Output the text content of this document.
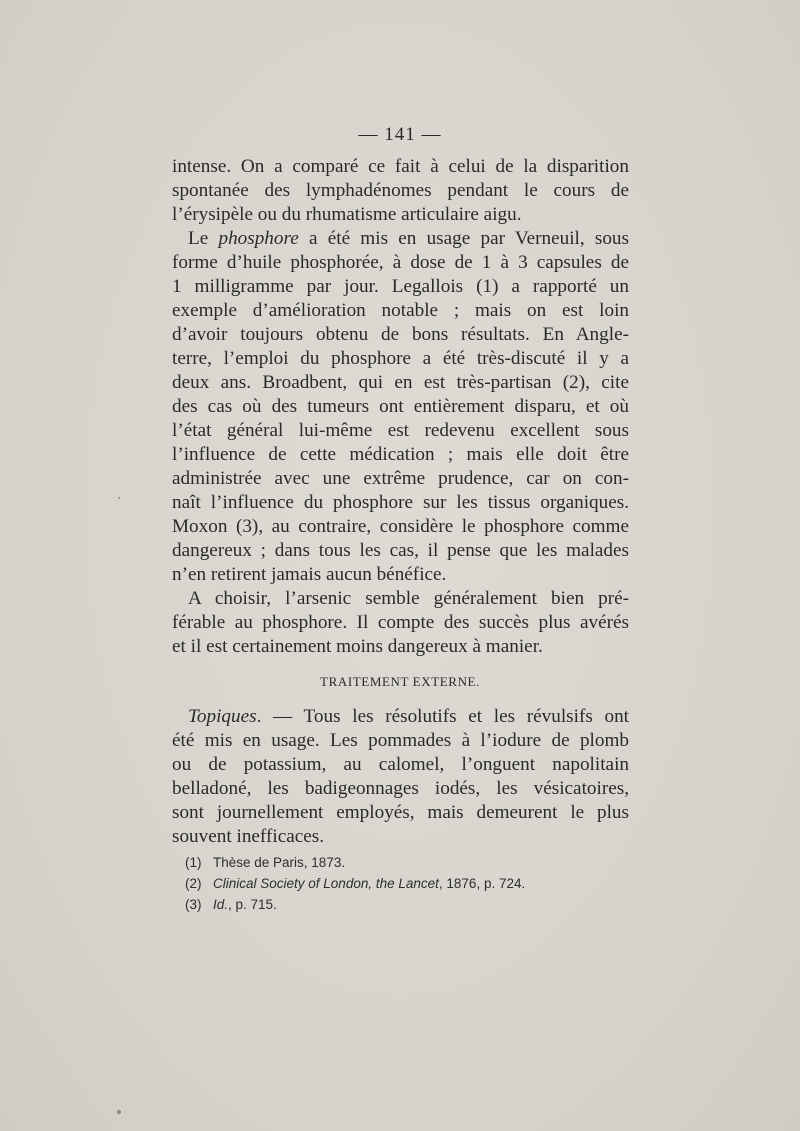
— 141 —

intense. On a comparé ce fait à celui de la disparition
spontanée des lymphadénomes pendant le cours de
l’érysipèle ou du rhumatisme articulaire aigu.

Le phosphore a été mis en usage par Verneuil, sous
forme d’huile phosphorée, à dose de 1 à 3 capsules de
1 milligramme par jour. Legallois (1) a rapporté un
exemple d’amélioration notable ; mais on est loin
d’avoir toujours obtenu de bons résultats. En Angle-
terre, l’emploi du phosphore a été très-discuté il y a
deux ans. Broadbent, qui en est très-partisan (2), cite
des cas où des tumeurs ont entièrement disparu, et où
l’état général lui-même est redevenu excellent sous
l’influence de cette médication ; mais elle doit être
administrée avec une extrême prudence, car on con-
naît l’influence du phosphore sur les tissus organiques.
Moxon (3), au contraire, considère le phosphore comme
dangereux ; dans tous les cas, il pense que les malades
n’en retirent jamais aucun bénéfice.

A choisir, l’arsenic semble généralement bien pré-
férable au phosphore. Il compte des succès plus avérés
et il est certainement moins dangereux à manier.

TRAITEMENT EXTERNE.

Topiques. — Tous les résolutifs et les révulsifs ont
été mis en usage. Les pommades à l’iodure de plomb
ou de potassium, au calomel, l’onguent napolitain
belladoné, les badigeonnages iodés, les vésicatoires,
sont journellement employés, mais demeurent le plus
souvent inefficaces.

(1) Thèse de Paris, 1873.
(2) Clinical Society of London, the Lancet, 1876, p. 724.
(3) Id., p. 715.
